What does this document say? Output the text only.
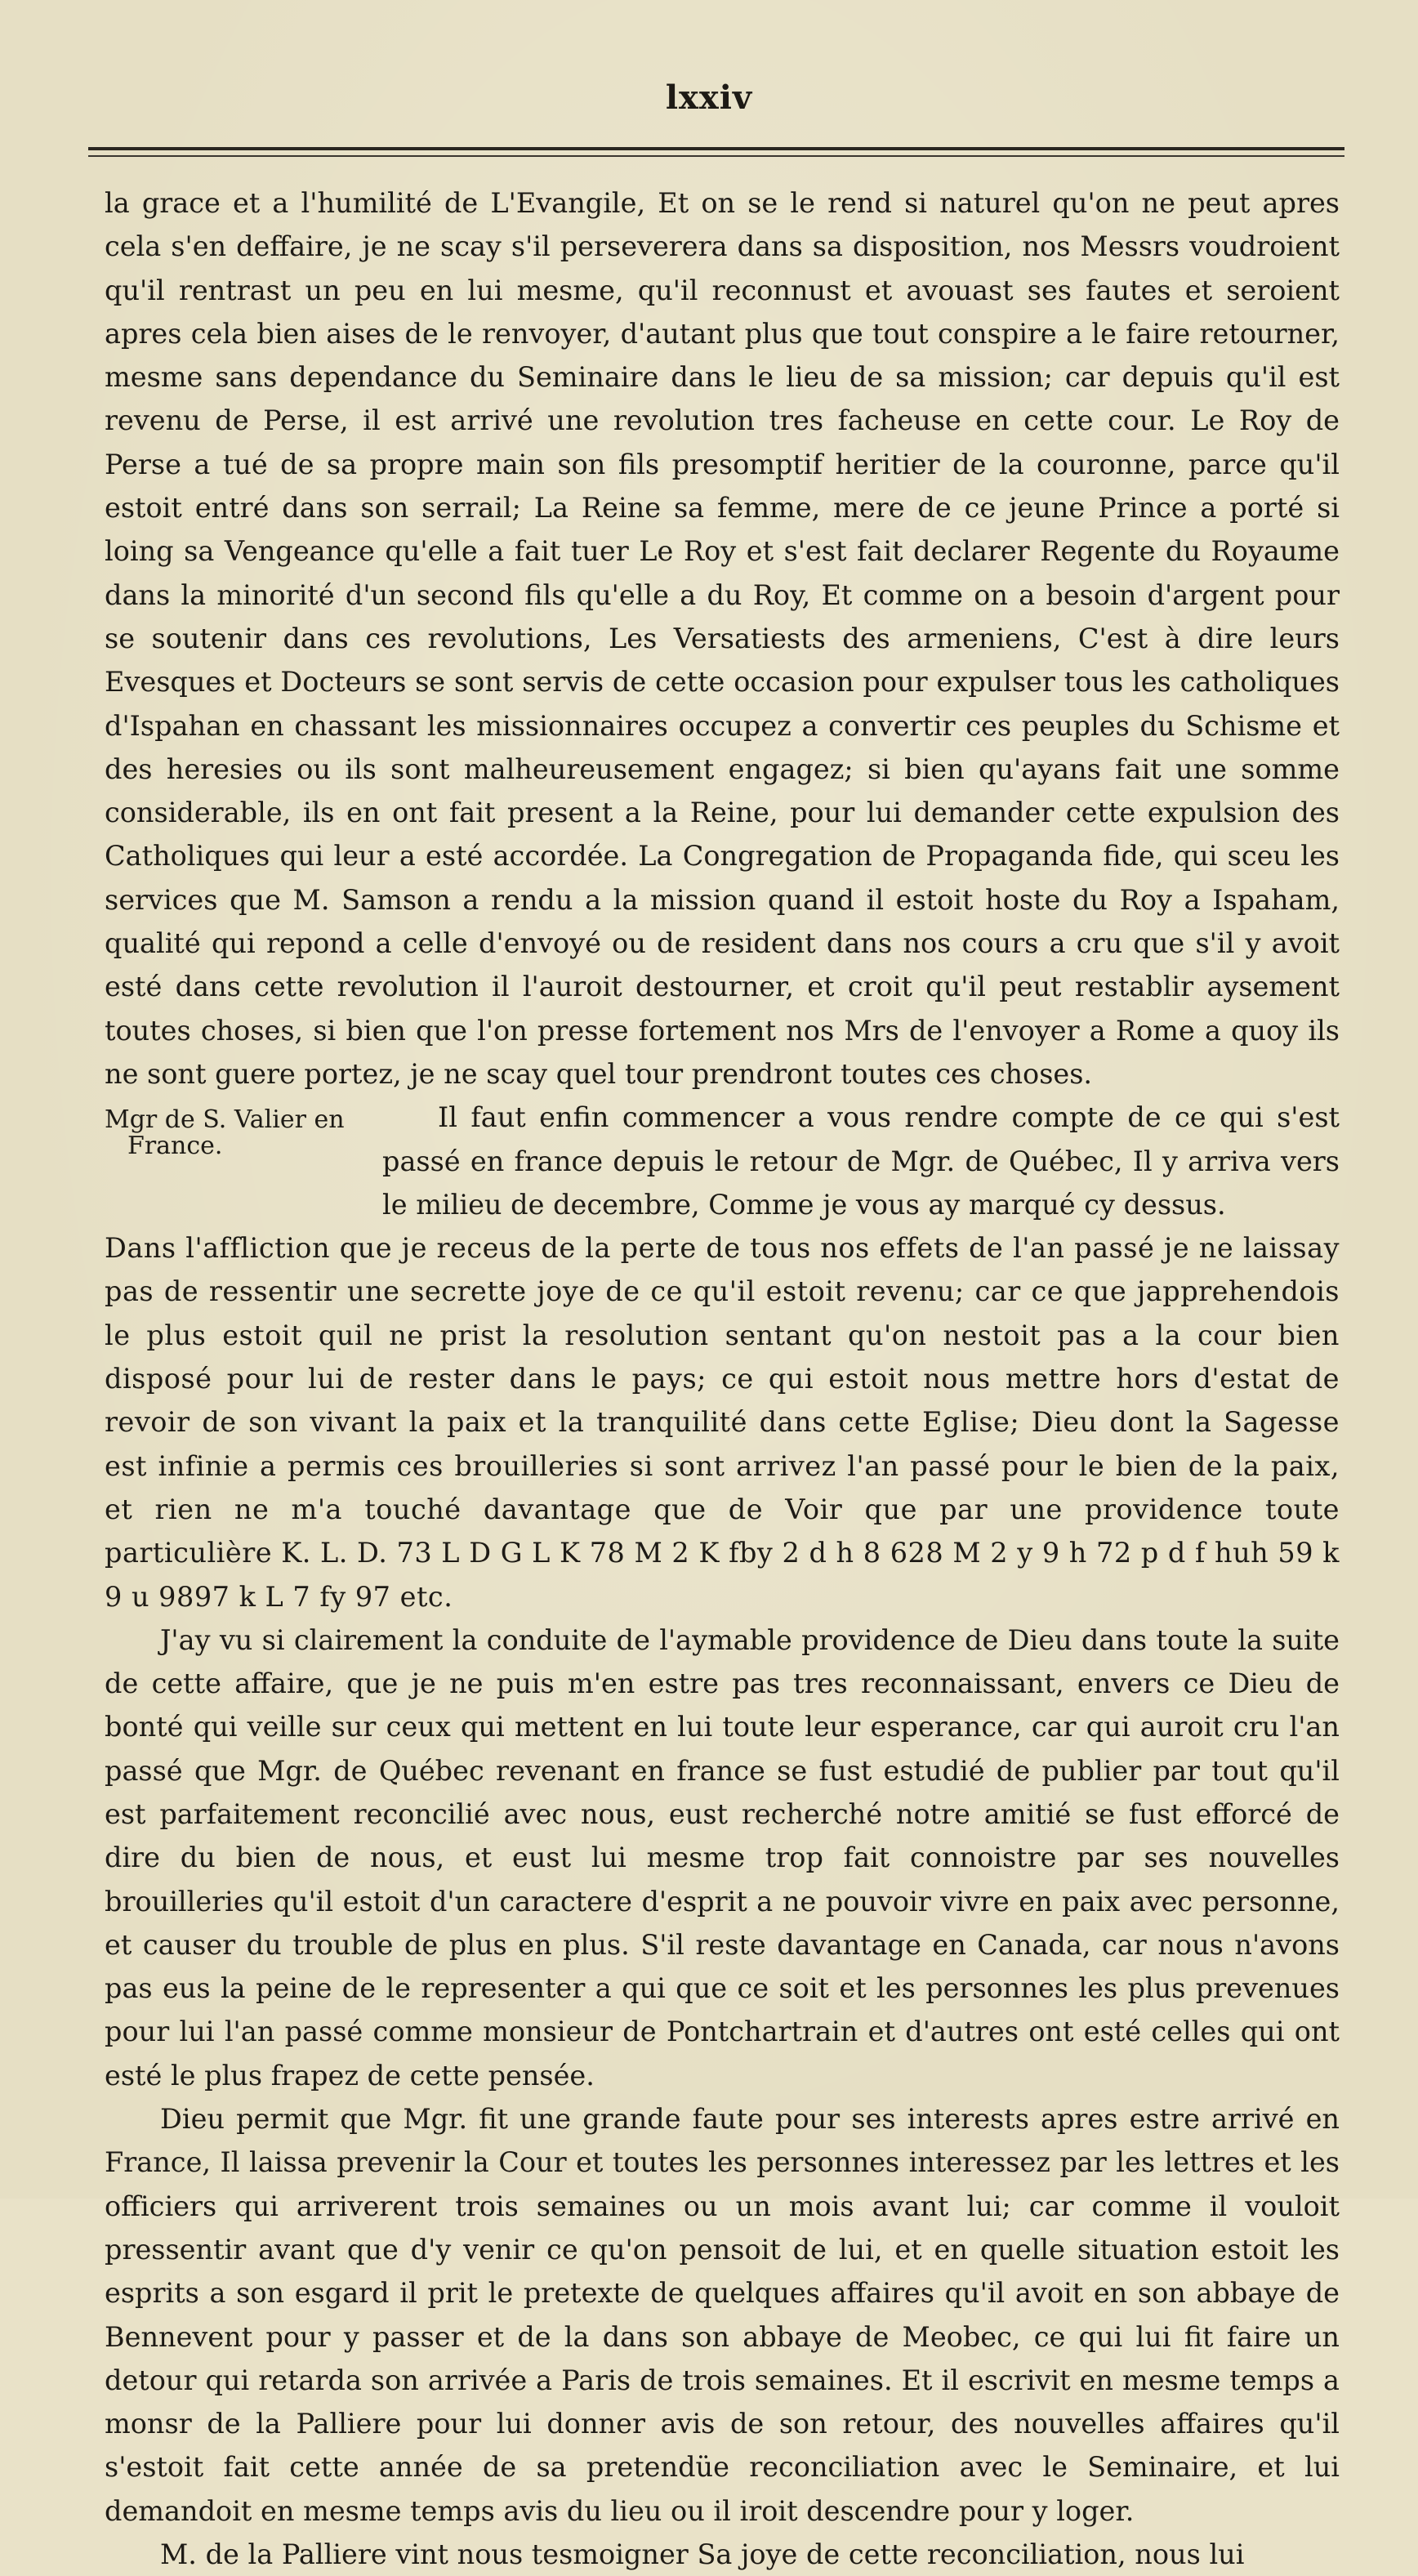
lxxiv

la grace et a l'humilité de L'Evangile, Et on se le rend si naturel qu'on ne peut apres cela s'en deffaire, je ne scay s'il perseverera dans sa disposition, nos Messrs voudroient qu'il rentrast un peu en lui mesme, qu'il reconnust et avouast ses fautes et seroient apres cela bien aises de le renvoyer, d'autant plus que tout conspire a le faire retourner, mesme sans dependance du Seminaire dans le lieu de sa mission; car depuis qu'il est revenu de Perse, il est arrivé une revolution tres facheuse en cette cour. Le Roy de Perse a tué de sa propre main son fils presomptif heritier de la couronne, parce qu'il estoit entré dans son serrail; La Reine sa femme, mere de ce jeune Prince a porté si loing sa Vengeance qu'elle a fait tuer Le Roy et s'est fait declarer Regente du Royaume dans la minorité d'un second fils qu'elle a du Roy, Et comme on a besoin d'argent pour se soutenir dans ces revolutions, Les Versatiests des armeniens, C'est à dire leurs Evesques et Docteurs se sont servis de cette occasion pour expulser tous les catholiques d'Ispahan en chassant les missionnaires occupez a convertir ces peuples du Schisme et des heresies ou ils sont malheureusement engagez; si bien qu'ayans fait une somme considerable, ils en ont fait present a la Reine, pour lui demander cette expulsion des Catholiques qui leur a esté accordée. La Congregation de Propaganda fide, qui sceu les services que M. Samson a rendu a la mission quand il estoit hoste du Roy a Ispaham, qualité qui repond a celle d'envoyé ou de resident dans nos cours a cru que s'il y avoit esté dans cette revolution il l'auroit destourner, et croit qu'il peut restablir aysement toutes choses, si bien que l'on presse fortement nos Mrs de l'envoyer a Rome a quoy ils ne sont guere portez, je ne scay quel tour prendront toutes ces choses.

Mgr de S. Valier en
France.

Il faut enfin commencer a vous rendre compte de ce qui s'est passé en france depuis le retour de Mgr. de Québec, Il y arriva vers le milieu de decembre, Comme je vous ay marqué cy dessus.

Dans l'affliction que je receus de la perte de tous nos effets de l'an passé je ne laissay pas de ressentir une secrette joye de ce qu'il estoit revenu; car ce que japprehendois le plus estoit quil ne prist la resolution sentant qu'on nestoit pas a la cour bien disposé pour lui de rester dans le pays; ce qui estoit nous mettre hors d'estat de revoir de son vivant la paix et la tranquilité dans cette Eglise; Dieu dont la Sagesse est infinie a permis ces brouilleries si sont arrivez l'an passé pour le bien de la paix, et rien ne m'a touché davantage que de Voir que par une providence toute particulière K. L. D. 73 L D G L K 78 M 2 K fby 2 d h 8 628 M 2 y 9 h 72 p d f huh 59 k 9 u 9897 k L 7 fy 97 etc.

J'ay vu si clairement la conduite de l'aymable providence de Dieu dans toute la suite de cette affaire, que je ne puis m'en estre pas tres reconnaissant, envers ce Dieu de bonté qui veille sur ceux qui mettent en lui toute leur esperance, car qui auroit cru l'an passé que Mgr. de Québec revenant en france se fust estudié de publier par tout qu'il est parfaitement reconcilié avec nous, eust recherché notre amitié se fust efforcé de dire du bien de nous, et eust lui mesme trop fait connoistre par ses nouvelles brouilleries qu'il estoit d'un caractere d'esprit a ne pouvoir vivre en paix avec personne, et causer du trouble de plus en plus. S'il reste davantage en Canada, car nous n'avons pas eus la peine de le representer a qui que ce soit et les personnes les plus prevenues pour lui l'an passé comme monsieur de Pontchartrain et d'autres ont esté celles qui ont esté le plus frapez de cette pensée.

Dieu permit que Mgr. fit une grande faute pour ses interests apres estre arrivé en France, Il laissa prevenir la Cour et toutes les personnes interessez par les lettres et les officiers qui arriverent trois semaines ou un mois avant lui; car comme il vouloit pressentir avant que d'y venir ce qu'on pensoit de lui, et en quelle situation estoit les esprits a son esgard il prit le pretexte de quelques affaires qu'il avoit en son abbaye de Bennevent pour y passer et de la dans son abbaye de Meobec, ce qui lui fit faire un detour qui retarda son arrivée a Paris de trois semaines. Et il escrivit en mesme temps a monsr de la Palliere pour lui donner avis de son retour, des nouvelles affaires qu'il s'estoit fait cette année de sa pretendüe reconciliation avec le Seminaire, et lui demandoit en mesme temps avis du lieu ou il iroit descendre pour y loger.

M. de la Palliere vint nous tesmoigner Sa joye de cette reconciliation, nous lui
